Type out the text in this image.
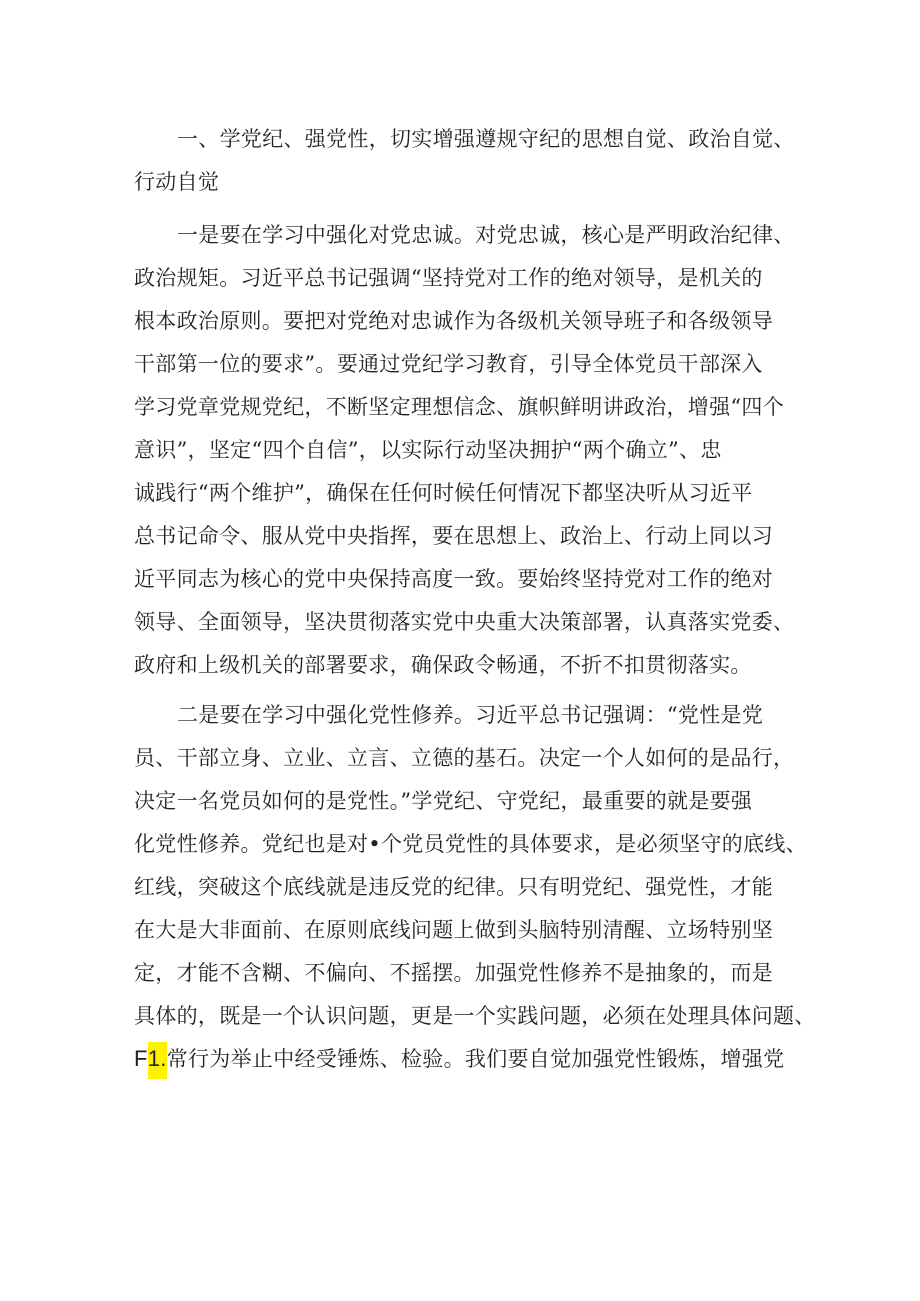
一、学党纪、强党性，切实增强遵规守纪的思想自觉、政治自觉、
行动自觉
一是要在学习中强化对党忠诚。对党忠诚，核心是严明政治纪律、
政治规矩。习近平总书记强调“坚持党对工作的绝对领导，是机关的
根本政治原则。要把对党绝对忠诚作为各级机关领导班子和各级领导
干部第一位的要求”。要通过党纪学习教育，引导全体党员干部深入
学习党章党规党纪，不断坚定理想信念、旗帜鲜明讲政治，增强“四个
意识”，坚定“四个自信”，以实际行动坚决拥护“两个确立”、忠
诚践行“两个维护”，确保在任何时候任何情况下都坚决听从习近平
总书记命令、服从党中央指挥，要在思想上、政治上、行动上同以习
近平同志为核心的党中央保持高度一致。要始终坚持党对工作的绝对
领导、全面领导，坚决贯彻落实党中央重大决策部署，认真落实党委、
政府和上级机关的部署要求，确保政令畅通，不折不扣贯彻落实。
二是要在学习中强化党性修养。习近平总书记强调：“党性是党
员、干部立身、立业、立言、立德的基石。决定一个人如何的是品行，
决定一名党员如何的是党性。”学党纪、守党纪，最重要的就是要强
化党性修养。党纪也是对•个党员党性的具体要求，是必须坚守的底线、
红线，突破这个底线就是违反党的纪律。只有明党纪、强党性，才能
在大是大非面前、在原则底线问题上做到头脑特别清醒、立场特别坚
定，才能不含糊、不偏向、不摇摆。加强党性修养不是抽象的，而是
具体的，既是一个认识问题，更是一个实践问题，必须在处理具体问题、
F1.常行为举止中经受锤炼、检验。我们要自觉加强党性锻炼，增强党
